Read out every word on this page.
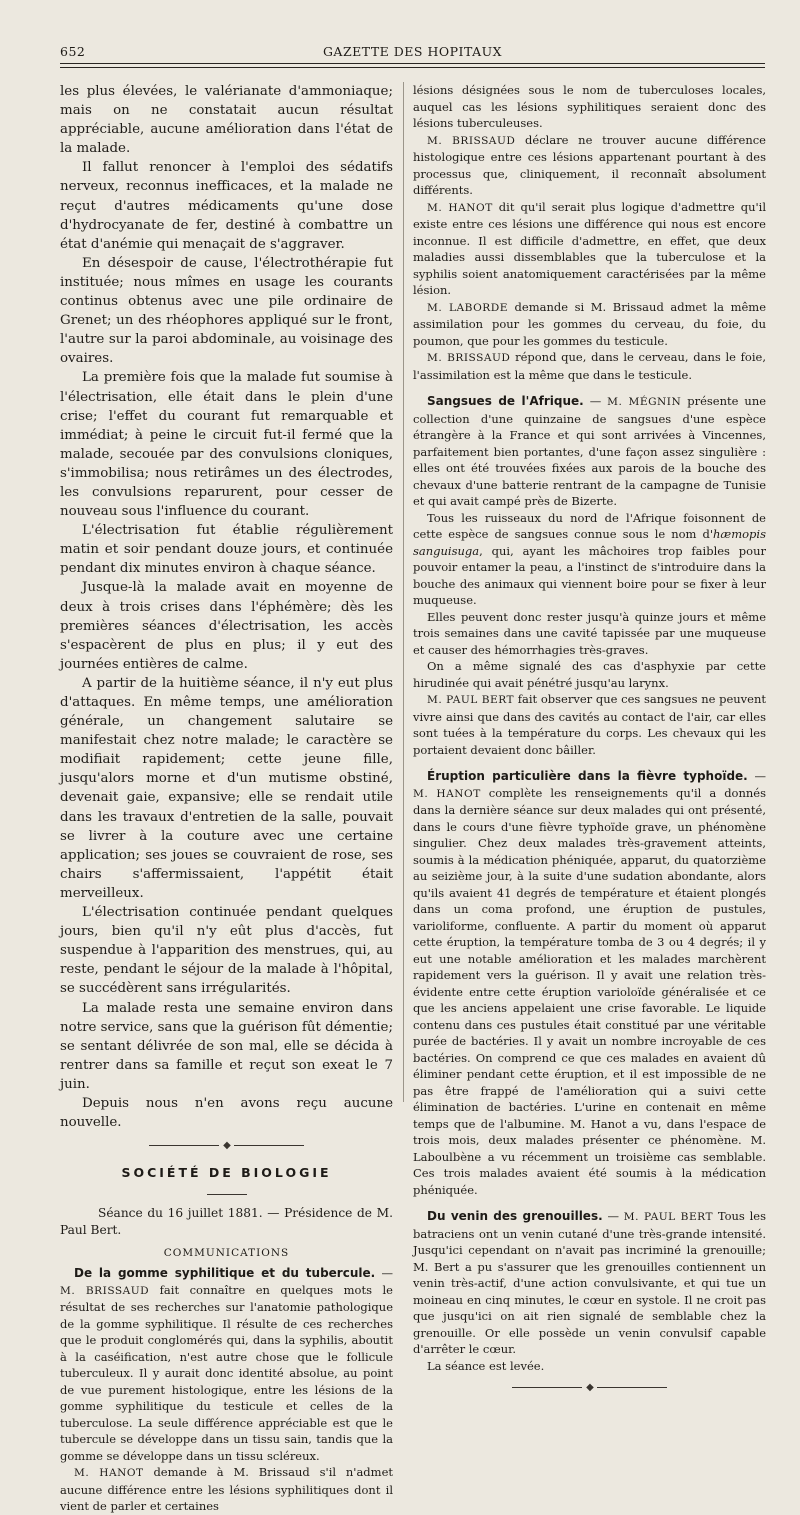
652	GAZETTE DES HOPITAUX

les plus élevées, le valérianate d'ammoniaque; mais on ne constatait aucun résultat appréciable, aucune amélioration dans l'état de la malade.

Il fallut renoncer à l'emploi des sédatifs nerveux, reconnus inefficaces, et la malade ne reçut d'autres médicaments qu'une dose d'hydrocyanate de fer, destiné à combattre un état d'anémie qui menaçait de s'aggraver.

En désespoir de cause, l'électrothérapie fut instituée; nous mîmes en usage les courants continus obtenus avec une pile ordinaire de Grenet; un des rhéophores appliqué sur le front, l'autre sur la paroi abdominale, au voisinage des ovaires.

La première fois que la malade fut soumise à l'électrisation, elle était dans le plein d'une crise; l'effet du courant fut remarquable et immédiat; à peine le circuit fut-il fermé que la malade, secouée par des convulsions cloniques, s'immobilisa; nous retirâmes un des électrodes, les convulsions reparurent, pour cesser de nouveau sous l'influence du courant.

L'électrisation fut établie régulièrement matin et soir pendant douze jours, et continuée pendant dix minutes environ à chaque séance.

Jusque-là la malade avait en moyenne de deux à trois crises dans l'éphémère; dès les premières séances d'électrisation, les accès s'espacèrent de plus en plus; il y eut des journées entières de calme.

A partir de la huitième séance, il n'y eut plus d'attaques. En même temps, une amélioration générale, un changement salutaire se manifestait chez notre malade; le caractère se modifiait rapidement; cette jeune fille, jusqu'alors morne et d'un mutisme obstiné, devenait gaie, expansive; elle se rendait utile dans les travaux d'entretien de la salle, pouvait se livrer à la couture avec une certaine application; ses joues se couvraient de rose, ses chairs s'affermissaient, l'appétit était merveilleux.

L'électrisation continuée pendant quelques jours, bien qu'il n'y eût plus d'accès, fut suspendue à l'apparition des menstrues, qui, au reste, pendant le séjour de la malade à l'hôpital, se succédèrent sans irrégularités.

La malade resta une semaine environ dans notre service, sans que la guérison fût démentie; se sentant délivrée de son mal, elle se décida à rentrer dans sa famille et reçut son exeat le 7 juin.

Depuis nous n'en avons reçu aucune nouvelle.

◆
SOCIÉTÉ DE BIOLOGIE
Séance du 16 juillet 1881. — Présidence de M. Paul Bert.
COMMUNICATIONS

De la gomme syphilitique et du tubercule. — M. BRISSAUD fait connaître en quelques mots le résultat de ses recherches sur l'anatomie pathologique de la gomme syphilitique. Il résulte de ces recherches que le produit conglomérés qui, dans la syphilis, aboutit à la caséification, n'est autre chose que le follicule tuberculeux. Il y aurait donc identité absolue, au point de vue purement histologique, entre les lésions de la gomme syphilitique du testicule et celles de la tuberculose. La seule différence appréciable est que le tubercule se développe dans un tissu sain, tandis que la gomme se développe dans un tissu scléreux.

M. HANOT demande à M. Brissaud s'il n'admet aucune différence entre les lésions syphilitiques dont il vient de parler et certaines

lésions désignées sous le nom de tuberculoses locales, auquel cas les lésions syphilitiques seraient donc des lésions tuberculeuses.

M. BRISSAUD déclare ne trouver aucune différence histologique entre ces lésions appartenant pourtant à des processus que, cliniquement, il reconnaît absolument différents.

M. HANOT dit qu'il serait plus logique d'admettre qu'il existe entre ces lésions une différence qui nous est encore inconnue. Il est difficile d'admettre, en effet, que deux maladies aussi dissemblables que la tuberculose et la syphilis soient anatomiquement caractérisées par la même lésion.

M. LABORDE demande si M. Brissaud admet la même assimilation pour les gommes du cerveau, du foie, du poumon, que pour les gommes du testicule.

M. BRISSAUD répond que, dans le cerveau, dans le foie, l'assimilation est la même que dans le testicule.

Sangsues de l'Afrique. — M. MÉGNIN présente une collection d'une quinzaine de sangsues d'une espèce étrangère à la France et qui sont arrivées à Vincennes, parfaitement bien portantes, d'une façon assez singulière : elles ont été trouvées fixées aux parois de la bouche des chevaux d'une batterie rentrant de la campagne de Tunisie et qui avait campé près de Bizerte.

Tous les ruisseaux du nord de l'Afrique foisonnent de cette espèce de sangsues connue sous le nom d'hæmopis sanguisuga, qui, ayant les mâchoires trop faibles pour pouvoir entamer la peau, a l'instinct de s'introduire dans la bouche des animaux qui viennent boire pour se fixer à leur muqueuse.

Elles peuvent donc rester jusqu'à quinze jours et même trois semaines dans une cavité tapissée par une muqueuse et causer des hémorrhagies très-graves.

On a même signalé des cas d'asphyxie par cette hirudinée qui avait pénétré jusqu'au larynx.

M. PAUL BERT fait observer que ces sangsues ne peuvent vivre ainsi que dans des cavités au contact de l'air, car elles sont tuées à la température du corps. Les chevaux qui les portaient devaient donc bâiller.

Éruption particulière dans la fièvre typhoïde. — M. HANOT complète les renseignements qu'il a donnés dans la dernière séance sur deux malades qui ont présenté, dans le cours d'une fièvre typhoïde grave, un phénomène singulier. Chez deux malades très-gravement atteints, soumis à la médication phéniquée, apparut, du quatorzième au seizième jour, à la suite d'une sudation abondante, alors qu'ils avaient 41 degrés de température et étaient plongés dans un coma profond, une éruption de pustules, varioliforme, confluente. A partir du moment où apparut cette éruption, la température tomba de 3 ou 4 degrés; il y eut une notable amélioration et les malades marchèrent rapidement vers la guérison. Il y avait une relation très-évidente entre cette éruption varioloïde généralisée et ce que les anciens appelaient une crise favorable. Le liquide contenu dans ces pustules était constitué par une véritable purée de bactéries. Il y avait un nombre incroyable de ces bactéries. On comprend ce que ces malades en avaient dû éliminer pendant cette éruption, et il est impossible de ne pas être frappé de l'amélioration qui a suivi cette élimination de bactéries. L'urine en contenait en même temps que de l'albumine. M. Hanot a vu, dans l'espace de trois mois, deux malades présenter ce phénomène. M. Laboulbène a vu récemment un troisième cas semblable. Ces trois malades avaient été soumis à la médication phéniquée.

Du venin des grenouilles. — M. PAUL BERT Tous les batraciens ont un venin cutané d'une très-grande intensité. Jusqu'ici cependant on n'avait pas incriminé la grenouille; M. Bert a pu s'assurer que les grenouilles contiennent un venin très-actif, d'une action convulsivante, et qui tue un moineau en cinq minutes, le cœur en systole. Il ne croit pas que jusqu'ici on ait rien signalé de semblable chez la grenouille. Or elle possède un venin convulsif capable d'arrêter le cœur.

La séance est levée.

◆
